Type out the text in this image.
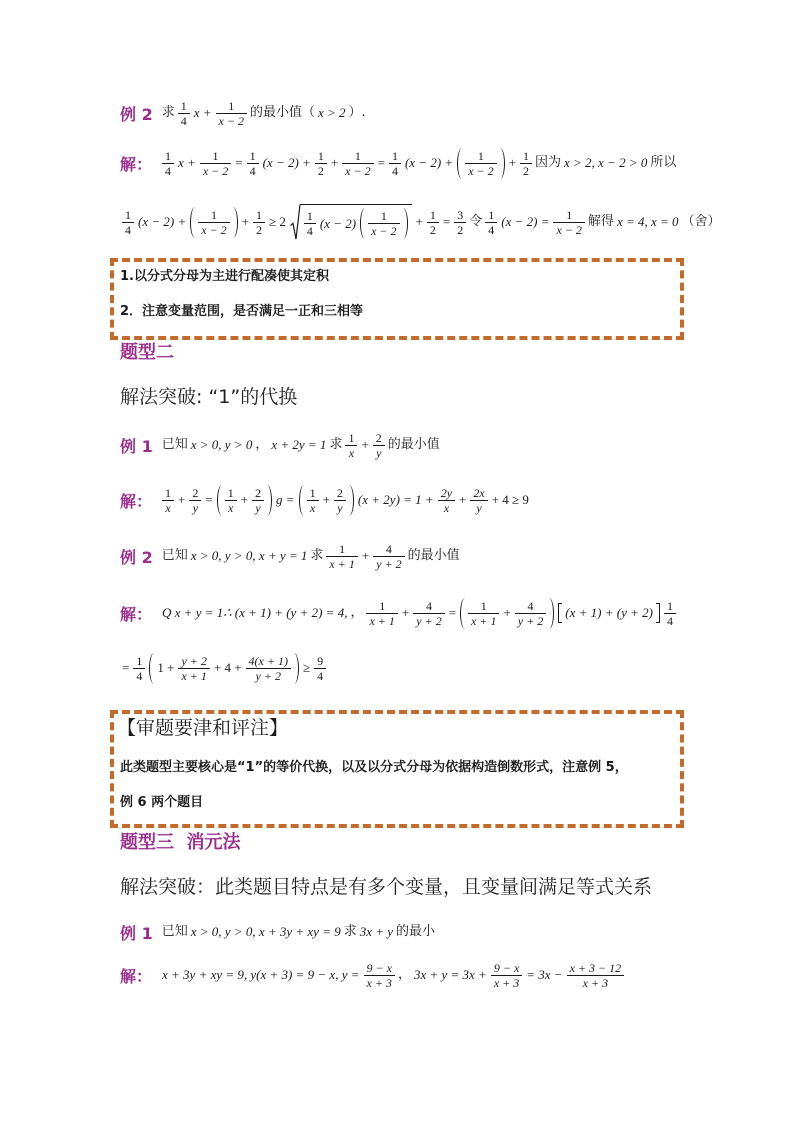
例 2 求 $\frac{1}{4}$ $x + \frac{1}{x - 2}$ 的最小值（ x > 2 ）.
解： $\frac{1}{4}$ $x + \frac{1}{x - 2} = \frac{1}{4} (x - 2) + \frac{1}{2} + \frac{1}{x - 2} = \frac{1}{4} (x - 2) + \frac{1}{x - 2} + \frac{1}{2}$ 因为 x > 2, x − 2 > 0 所以
$\frac{1}{4} (x - 2) + \frac{1}{x - 2} + \frac{1}{2} \ge 2 \frac{1}{4} (x - 2) \frac{1}{x - 2} + \frac{1}{2} = \frac{3}{2}$ 令 $\frac{1}{4} (x - 2) = \frac{1}{x - 2}$ 解得 x = 4, x = 0 （舍）
1.以分式分母为主进行配凑使其定积
2．注意变量范围，是否满足一正和三相等
题型二
解法突破: “1”的代换
例 1 已知 x > 0, y > 0 ， x + 2y = 1 求 $\frac{1}{x} + \frac{2}{y}$ 的最小值
解： $\frac{1}{x} + \frac{2}{y} = \frac{1}{x} + \frac{2}{y}$ $g = \frac{1}{x} + \frac{2}{y} (x + 2y) = 1 + \frac{2y}{x} + \frac{2x}{y} + 4 \ge 9$
例 2 已知 x > 0, y > 0, x + y = 1 求 $\frac{1}{x + 1} + \frac{4}{y + 2}$ 的最小值
解： Q x + y = 1∴ (x + 1) + (y + 2) = 4, ， $\frac{1}{x + 1} + \frac{4}{y + 2} = \frac{1}{x + 1} + \frac{4}{y + 2} (x + 1) + (y + 2) \frac{1}{4}$
= $\frac{1}{4} 1 + \frac{y + 2}{x + 1} + 4 + \frac{4(x + 1)}{y + 2} \ge \frac{9}{4}$
【审题要津和评注】
此类题型主要核心是“1”的等价代换，以及以分式分母为依据构造倒数形式，注意例 5，
例 6 两个题目
题型三  消元法
解法突破：此类题目特点是有多个变量，且变量间满足等式关系
例 1 已知 x > 0, y > 0, x + 3y + xy = 9 求 3x + y 的最小
解： x + 3y + xy = 9, y(x + 3) = 9 − x, $y = \frac{9 - x}{x + 3}$ ， $3x + y = 3x + \frac{9 - x}{x + 3} = 3x - \frac{x + 3 - 12}{x + 3}$
